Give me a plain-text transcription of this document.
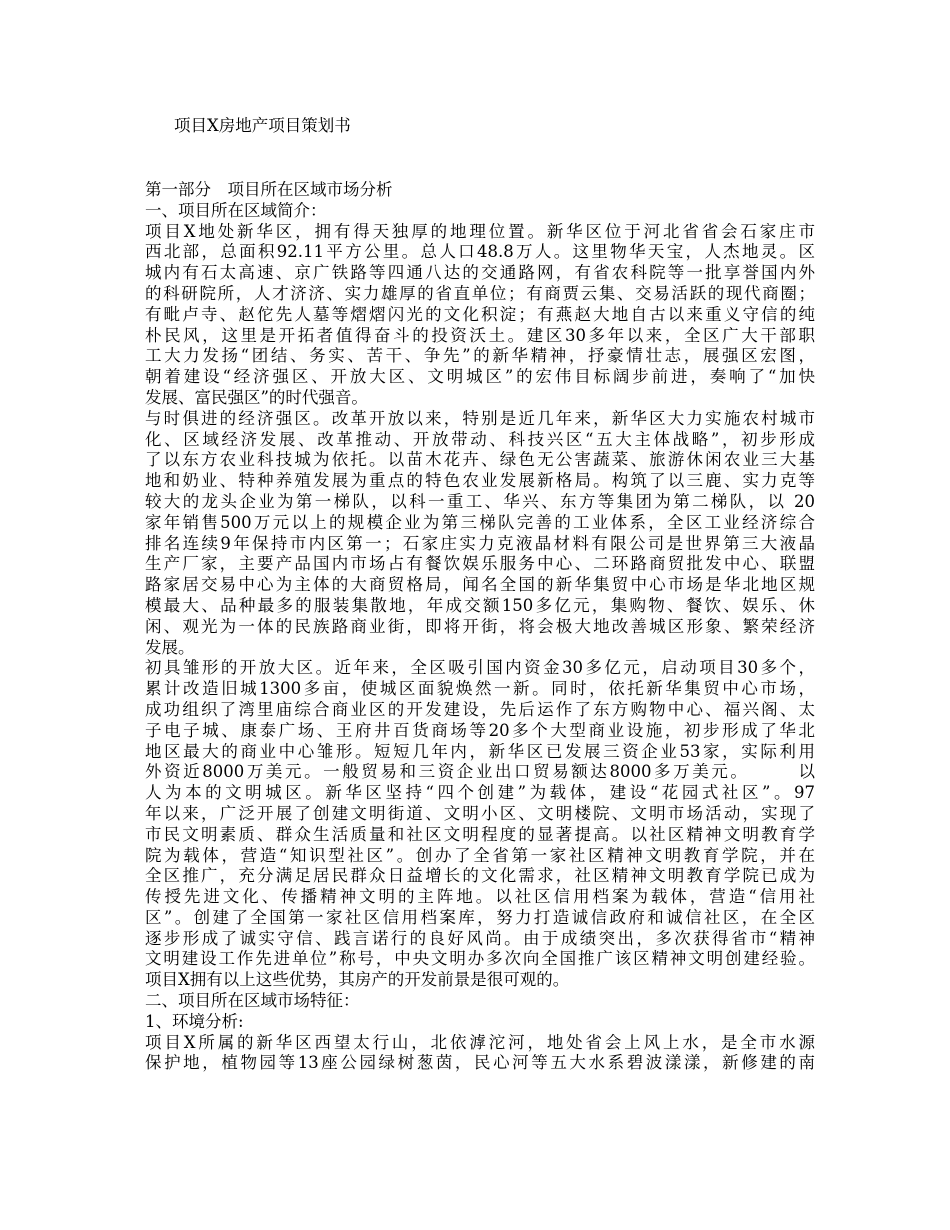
项目X房地产项目策划书
第一部分　项目所在区域市场分析
一、项目所在区域简介：
项目X地处新华区，拥有得天独厚的地理位置。新华区位于河北省省会石家庄市
西北部，总面积92.11平方公里。总人口48.8万人。这里物华天宝，人杰地灵。区
城内有石太高速、京广铁路等四通八达的交通路网，有省农科院等一批享誉国内外
的科研院所，人才济济、实力雄厚的省直单位；有商贾云集、交易活跃的现代商圈；
有毗卢寺、赵佗先人墓等熠熠闪光的文化积淀；有燕赵大地自古以来重义守信的纯
朴民风，这里是开拓者值得奋斗的投资沃土。建区30多年以来，全区广大干部职
工大力发扬“团结、务实、苦干、争先”的新华精神，抒豪情壮志，展强区宏图，
朝着建设“经济强区、开放大区、文明城区”的宏伟目标阔步前进，奏响了“加快
发展、富民强区”的时代强音。
与时俱进的经济强区。改革开放以来，特别是近几年来，新华区大力实施农村城市
化、区域经济发展、改革推动、开放带动、科技兴区“五大主体战略”，初步形成
了以东方农业科技城为依托。以苗木花卉、绿色无公害蔬菜、旅游休闲农业三大基
地和奶业、特种养殖发展为重点的特色农业发展新格局。构筑了以三鹿、实力克等
较大的龙头企业为第一梯队，以科一重工、华兴、东方等集团为第二梯队，以 20
家年销售500万元以上的规模企业为第三梯队完善的工业体系，全区工业经济综合
排名连续9年保持市内区第一；石家庄实力克液晶材料有限公司是世界第三大液晶
生产厂家，主要产品国内市场占有餐饮娱乐服务中心、二环路商贸批发中心、联盟
路家居交易中心为主体的大商贸格局，闻名全国的新华集贸中心市场是华北地区规
模最大、品种最多的服装集散地，年成交额150多亿元，集购物、餐饮、娱乐、休
闲、观光为一体的民族路商业街，即将开街，将会极大地改善城区形象、繁荣经济
发展。
初具雏形的开放大区。近年来，全区吸引国内资金30多亿元，启动项目30多个，
累计改造旧城1300多亩，使城区面貌焕然一新。同时，依托新华集贸中心市场，
成功组织了湾里庙综合商业区的开发建设，先后运作了东方购物中心、福兴阁、太
子电子城、康泰广场、王府井百货商场等20多个大型商业设施，初步形成了华北
地区最大的商业中心雏形。短短几年内，新华区已发展三资企业53家，实际利用
外资近8000万美元。一般贸易和三资企业出口贸易额达8000多万美元。　　　以
人为本的文明城区。新华区坚持“四个创建”为载体，建设“花园式社区”。97
年以来，广泛开展了创建文明街道、文明小区、文明楼院、文明市场活动，实现了
市民文明素质、群众生活质量和社区文明程度的显著提高。以社区精神文明教育学
院为载体，营造“知识型社区”。创办了全省第一家社区精神文明教育学院，并在
全区推广，充分满足居民群众日益增长的文化需求，社区精神文明教育学院已成为
传授先进文化、传播精神文明的主阵地。以社区信用档案为载体，营造“信用社
区”。创建了全国第一家社区信用档案库，努力打造诚信政府和诚信社区，在全区
逐步形成了诚实守信、践言诺行的良好风尚。由于成绩突出，多次获得省市“精神
文明建设工作先进单位”称号，中央文明办多次向全国推广该区精神文明创建经验。
项目X拥有以上这些优势，其房产的开发前景是很可观的。
二、项目所在区域市场特征：
1、环境分析:
项目X所属的新华区西望太行山，北依滹沱河，地处省会上风上水，是全市水源
保护地，植物园等13座公园绿树葱茵，民心河等五大水系碧波漾漾，新修建的南
